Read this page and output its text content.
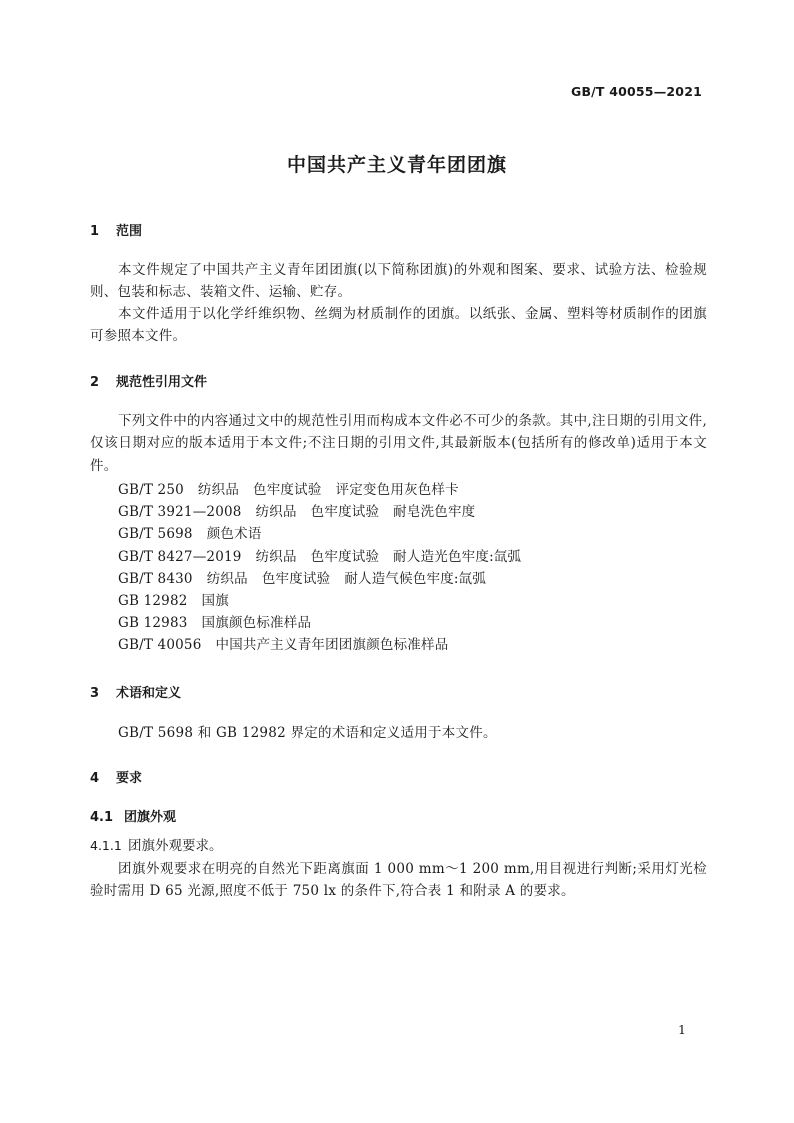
GB/T 40055—2021
中国共产主义青年团团旗
1 范围

本文件规定了中国共产主义青年团团旗(以下简称团旗)的外观和图案、要求、试验方法、检验规则、包装和标志、装箱文件、运输、贮存。

本文件适用于以化学纤维织物、丝绸为材质制作的团旗。以纸张、金属、塑料等材质制作的团旗可参照本文件。

2 规范性引用文件

下列文件中的内容通过文中的规范性引用而构成本文件必不可少的条款。其中,注日期的引用文件,仅该日期对应的版本适用于本文件;不注日期的引用文件,其最新版本(包括所有的修改单)适用于本文件。

GB/T 250 纺织品 色牢度试验 评定变色用灰色样卡
GB/T 3921—2008 纺织品 色牢度试验 耐皂洗色牢度
GB/T 5698 颜色术语
GB/T 8427—2019 纺织品 色牢度试验 耐人造光色牢度:氙弧
GB/T 8430 纺织品 色牢度试验 耐人造气候色牢度:氙弧
GB 12982 国旗
GB 12983 国旗颜色标准样品
GB/T 40056 中国共产主义青年团团旗颜色标准样品
3 术语和定义
GB/T 5698 和 GB 12982 界定的术语和定义适用于本文件。
4 要求
4.1 团旗外观
4.1.1 团旗外观要求。

团旗外观要求在明亮的自然光下距离旗面 1 000 mm～1 200 mm,用目视进行判断;采用灯光检验时需用 D 65 光源,照度不低于 750 lx 的条件下,符合表 1 和附录 A 的要求。

1
